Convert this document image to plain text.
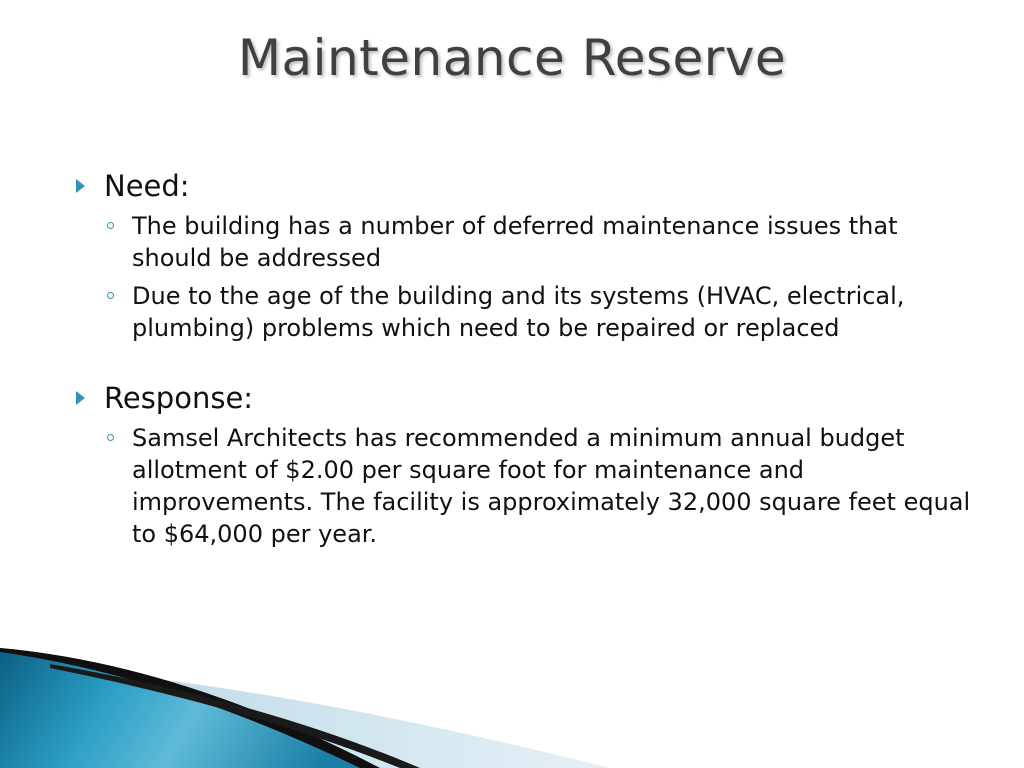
Maintenance Reserve
Need:
The building has a number of deferred maintenance issues that should be addressed
Due to the age of the building and its systems (HVAC, electrical, plumbing) problems which need to be repaired or replaced
Response:
Samsel Architects has recommended a minimum annual budget allotment of $2.00 per square foot for maintenance and improvements. The facility is approximately 32,000 square feet equal to $64,000 per year.
